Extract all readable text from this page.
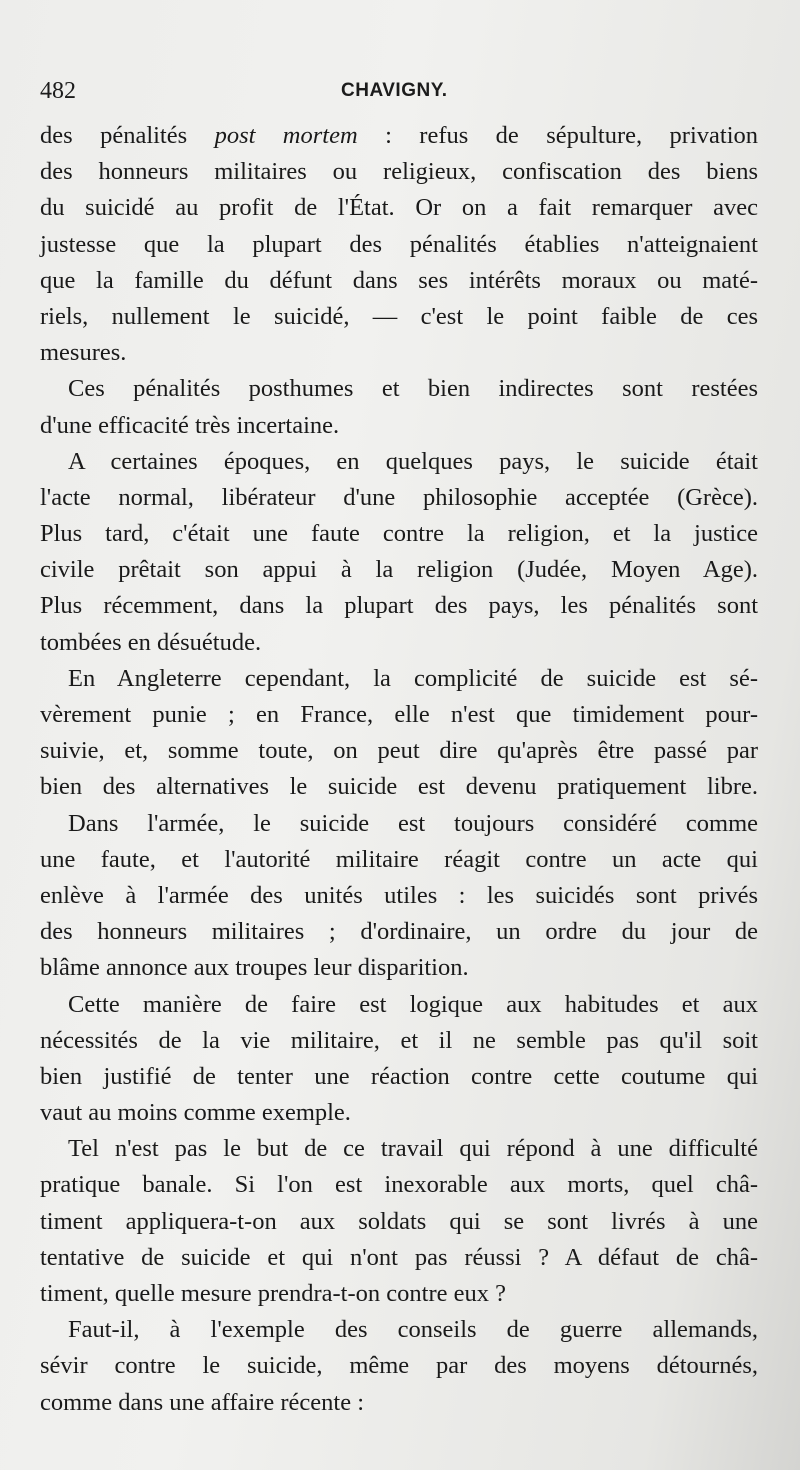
482	CHAVIGNY.
des pénalités post mortem : refus de sépulture, privation
des honneurs militaires ou religieux, confiscation des biens
du suicidé au profit de l'État. Or on a fait remarquer avec
justesse que la plupart des pénalités établies n'atteignaient
que la famille du défunt dans ses intérêts moraux ou maté-
riels, nullement le suicidé, — c'est le point faible de ces
mesures.
Ces pénalités posthumes et bien indirectes sont restées
d'une efficacité très incertaine.
A certaines époques, en quelques pays, le suicide était
l'acte normal, libérateur d'une philosophie acceptée (Grèce).
Plus tard, c'était une faute contre la religion, et la justice
civile prêtait son appui à la religion (Judée, Moyen Age).
Plus récemment, dans la plupart des pays, les pénalités sont
tombées en désuétude.
En Angleterre cependant, la complicité de suicide est sé-
vèrement punie ; en France, elle n'est que timidement pour-
suivie, et, somme toute, on peut dire qu'après être passé par
bien des alternatives le suicide est devenu pratiquement libre.
Dans l'armée, le suicide est toujours considéré comme
une faute, et l'autorité militaire réagit contre un acte qui
enlève à l'armée des unités utiles : les suicidés sont privés
des honneurs militaires ; d'ordinaire, un ordre du jour de
blâme annonce aux troupes leur disparition.
Cette manière de faire est logique aux habitudes et aux
nécessités de la vie militaire, et il ne semble pas qu'il soit
bien justifié de tenter une réaction contre cette coutume qui
vaut au moins comme exemple.
Tel n'est pas le but de ce travail qui répond à une difficulté
pratique banale. Si l'on est inexorable aux morts, quel châ-
timent appliquera-t-on aux soldats qui se sont livrés à une
tentative de suicide et qui n'ont pas réussi ? A défaut de châ-
timent, quelle mesure prendra-t-on contre eux ?
Faut-il, à l'exemple des conseils de guerre allemands,
sévir contre le suicide, même par des moyens détournés,
comme dans une affaire récente :
